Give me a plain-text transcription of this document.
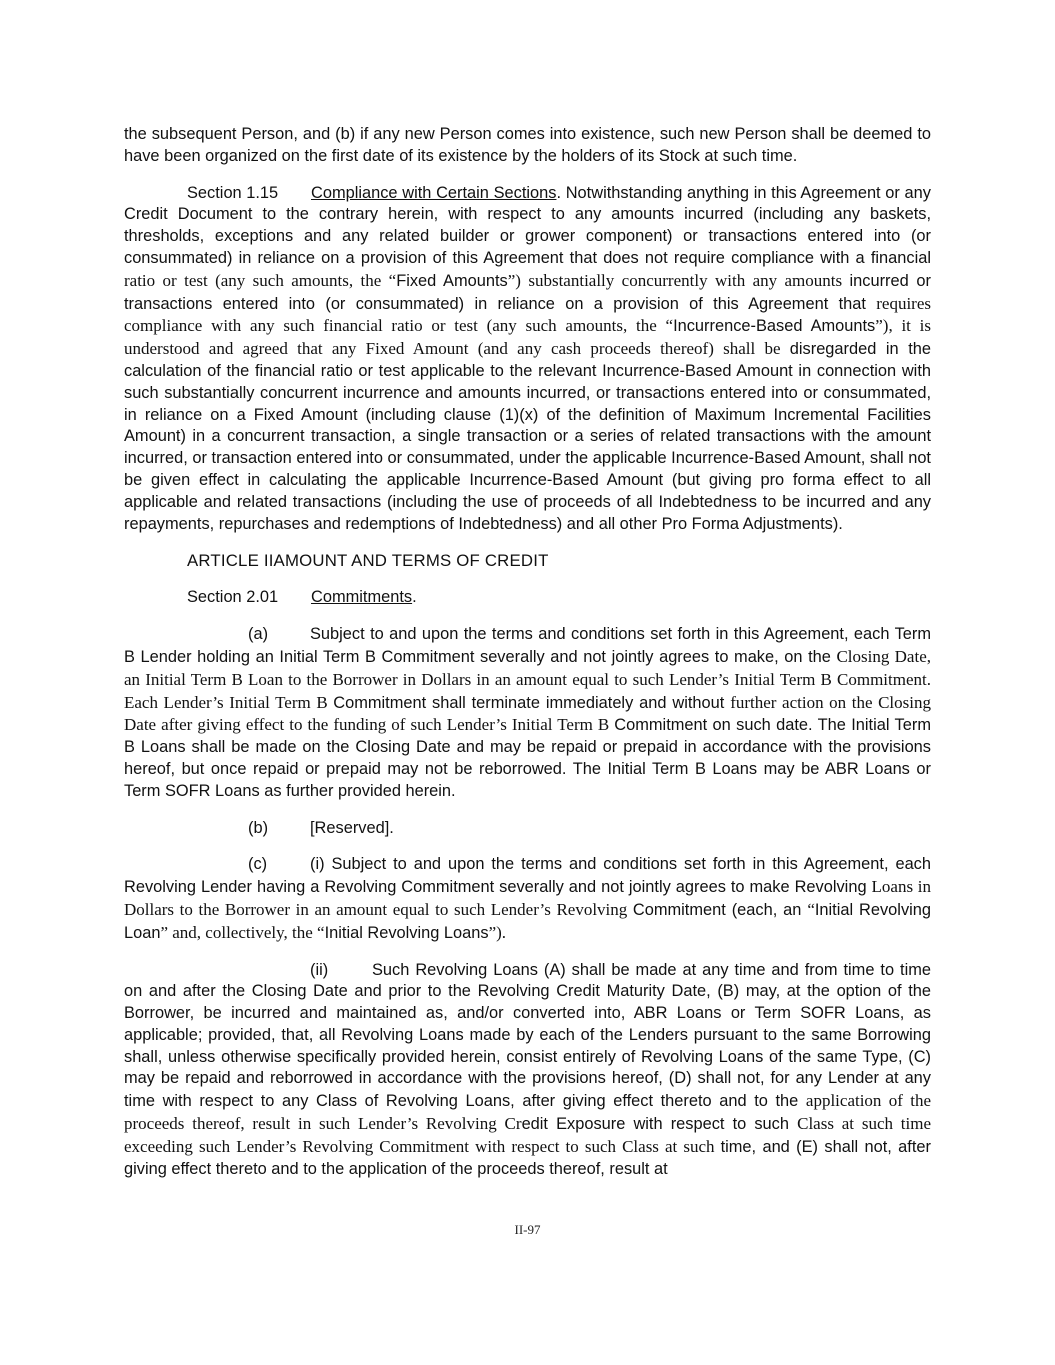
the subsequent Person, and (b) if any new Person comes into existence, such new Person shall be deemed to have been organized on the first date of its existence by the holders of its Stock at such time.

Section 1.15 Compliance with Certain Sections. Notwithstanding anything in this Agreement or any Credit Document to the contrary herein, with respect to any amounts incurred (including any baskets, thresholds, exceptions and any related builder or grower component) or transactions entered into (or consummated) in reliance on a provision of this Agreement that does not require compliance with a financial ratio or test (any such amounts, the “Fixed Amounts”) substantially concurrently with any amounts incurred or transactions entered into (or consummated) in reliance on a provision of this Agreement that requires compliance with any such financial ratio or test (any such amounts, the “Incurrence-Based Amounts”), it is understood and agreed that any Fixed Amount (and any cash proceeds thereof) shall be disregarded in the calculation of the financial ratio or test applicable to the relevant Incurrence-Based Amount in connection with such substantially concurrent incurrence and amounts incurred, or transactions entered into or consummated, in reliance on a Fixed Amount (including clause (1)(x) of the definition of Maximum Incremental Facilities Amount) in a concurrent transaction, a single transaction or a series of related transactions with the amount incurred, or transaction entered into or consummated, under the applicable Incurrence-Based Amount, shall not be given effect in calculating the applicable Incurrence-Based Amount (but giving pro forma effect to all applicable and related transactions (including the use of proceeds of all Indebtedness to be incurred and any repayments, repurchases and redemptions of Indebtedness) and all other Pro Forma Adjustments).

ARTICLE IIAMOUNT AND TERMS OF CREDIT

Section 2.01 Commitments.

(a)	Subject to and upon the terms and conditions set forth in this Agreement, each Term B Lender holding an Initial Term B Commitment severally and not jointly agrees to make, on the Closing Date, an Initial Term B Loan to the Borrower in Dollars in an amount equal to such Lender’s Initial Term B Commitment. Each Lender’s Initial Term B Commitment shall terminate immediately and without further action on the Closing Date after giving effect to the funding of such Lender’s Initial Term B Commitment on such date. The Initial Term B Loans shall be made on the Closing Date and may be repaid or prepaid in accordance with the provisions hereof, but once repaid or prepaid may not be reborrowed. The Initial Term B Loans may be ABR Loans or Term SOFR Loans as further provided herein.

(b)	[Reserved].

(c)	(i) Subject to and upon the terms and conditions set forth in this Agreement, each Revolving Lender having a Revolving Commitment severally and not jointly agrees to make Revolving Loans in Dollars to the Borrower in an amount equal to such Lender’s Revolving Commitment (each, an “Initial Revolving Loan” and, collectively, the “Initial Revolving Loans”).

(ii)	Such Revolving Loans (A) shall be made at any time and from time to time on and after the Closing Date and prior to the Revolving Credit Maturity Date, (B) may, at the option of the Borrower, be incurred and maintained as, and/or converted into, ABR Loans or Term SOFR Loans, as applicable; provided, that, all Revolving Loans made by each of the Lenders pursuant to the same Borrowing shall, unless otherwise specifically provided herein, consist entirely of Revolving Loans of the same Type, (C) may be repaid and reborrowed in accordance with the provisions hereof, (D) shall not, for any Lender at any time with respect to any Class of Revolving Loans, after giving effect thereto and to the application of the proceeds thereof, result in such Lender’s Revolving Credit Exposure with respect to such Class at such time exceeding such Lender’s Revolving Commitment with respect to such Class at such time, and (E) shall not, after giving effect thereto and to the application of the proceeds thereof, result at

II-97
